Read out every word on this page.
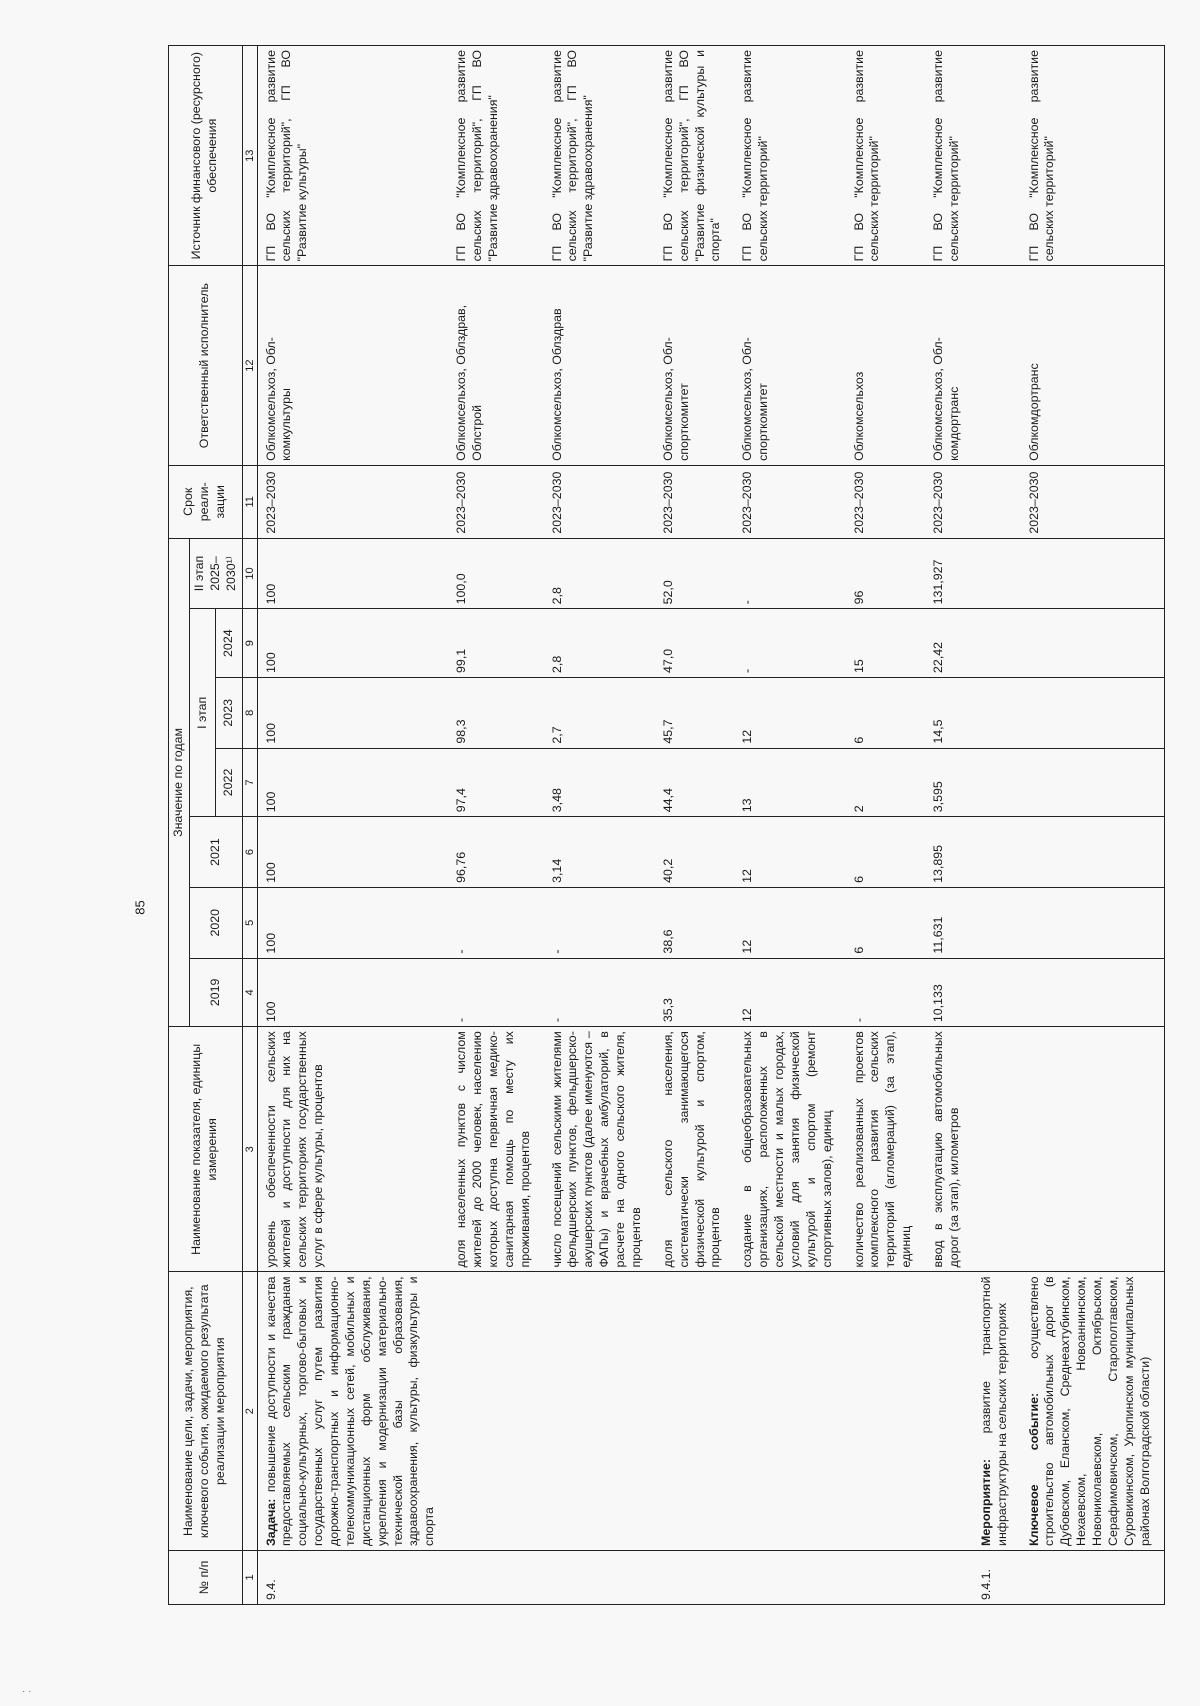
85
№ п/п	Наименование цели, задачи, мероприятия, ключевого события, ожидаемого результата реализации мероприятия	Наименование показателя, единицы измерения	Значение по годам							Срок реали-зации	Ответственный исполнитель	Источник финансового (ресурсного) обеспечения
			2019	2020	2021	I этап			II этап 2025–2030¹⁾			
						2022	2023	2024				
1	2	3	4	5	6	7	8	9	10	11	12	13
9.4.	Задача: повышение доступности и качества предоставляемых сельским гражданам социально-культурных, торгово-бытовых и государственных услуг путем развития дорожно-транспортных и информационно-телекоммуникационных сетей, мобильных и дистанционных форм обслуживания, укрепления и модернизации материально-технической базы образования, здравоохранения, культуры, физкультуры и спорта	уровень обеспеченности сельских жителей и доступности для них на сельских территориях государственных услуг в сфере культуры, процентов	100	100	100	100	100	100	100	2023–2030	Облкомсельхоз, Обл-комкультуры	ГП ВО "Комплексное развитие сельских территорий", ГП ВО "Развитие культуры"
		доля населенных пунктов с числом жителей до 2000 человек, населению которых доступна первичная медико-санитарная помощь по месту их проживания, процентов	-	-	96,76	97,4	98,3	99,1	100,0	2023–2030	Облкомсельхоз, Облздрав, Облстрой	ГП ВО "Комплексное развитие сельских территорий", ГП ВО "Развитие здравоохранения"
		число посещений сельскими жителями фельдшерских пунктов, фельдшерско-акушерских пунктов (далее именуются – ФАПы) и врачебных амбулаторий, в расчете на одного сельского жителя, процентов	-	-	3,14	3,48	2,7	2,8	2,8	2023–2030	Облкомсельхоз, Облздрав	ГП ВО "Комплексное развитие сельских территорий", ГП ВО "Развитие здравоохранения"
		доля сельского населения, систематически занимающегося физической культурой и спортом, процентов	35,3	38,6	40,2	44,4	45,7	47,0	52,0	2023–2030	Облкомсельхоз, Обл-спорткомитет	ГП ВО "Комплексное развитие сельских территорий", ГП ВО "Развитие физической культуры и спорта"
		создание в общеобразовательных организациях, расположенных в сельской местности и малых городах, условий для занятия физической культурой и спортом (ремонт спортивных залов), единиц	12	12	12	13	12	-	-	2023–2030	Облкомсельхоз, Обл-спорткомитет	ГП ВО "Комплексное развитие сельских территорий"
		количество реализованных проектов комплексного развития сельских территорий (агломераций) (за этап), единиц	-	6	6	2	6	15	96	2023–2030	Облкомсельхоз	ГП ВО "Комплексное развитие сельских территорий"
		ввод в эксплуатацию автомобильных дорог (за этап), километров	10,133	11,631	13,895	3,595	14,5	22,42	131,927	2023–2030	Облкомсельхоз, Обл-комдортранс	ГП ВО "Комплексное развитие сельских территорий"
9.4.1.	Мероприятие: развитие транспортной инфраструктуры на сельских территориях											
	Ключевое событие: осуществлено строительство автомобильных дорог (в Дубовском, Еланском, Среднеахтубинском, Нехаевском, Новоаннинском, Новониколаевском, Октябрьском, Серафимовичском, Старополтавском, Суровикинском, Урюпинском муниципальных районах Волгоградской области)									2023–2030	Облкомдортранс	ГП ВО "Комплексное развитие сельских территорий"
· ·
